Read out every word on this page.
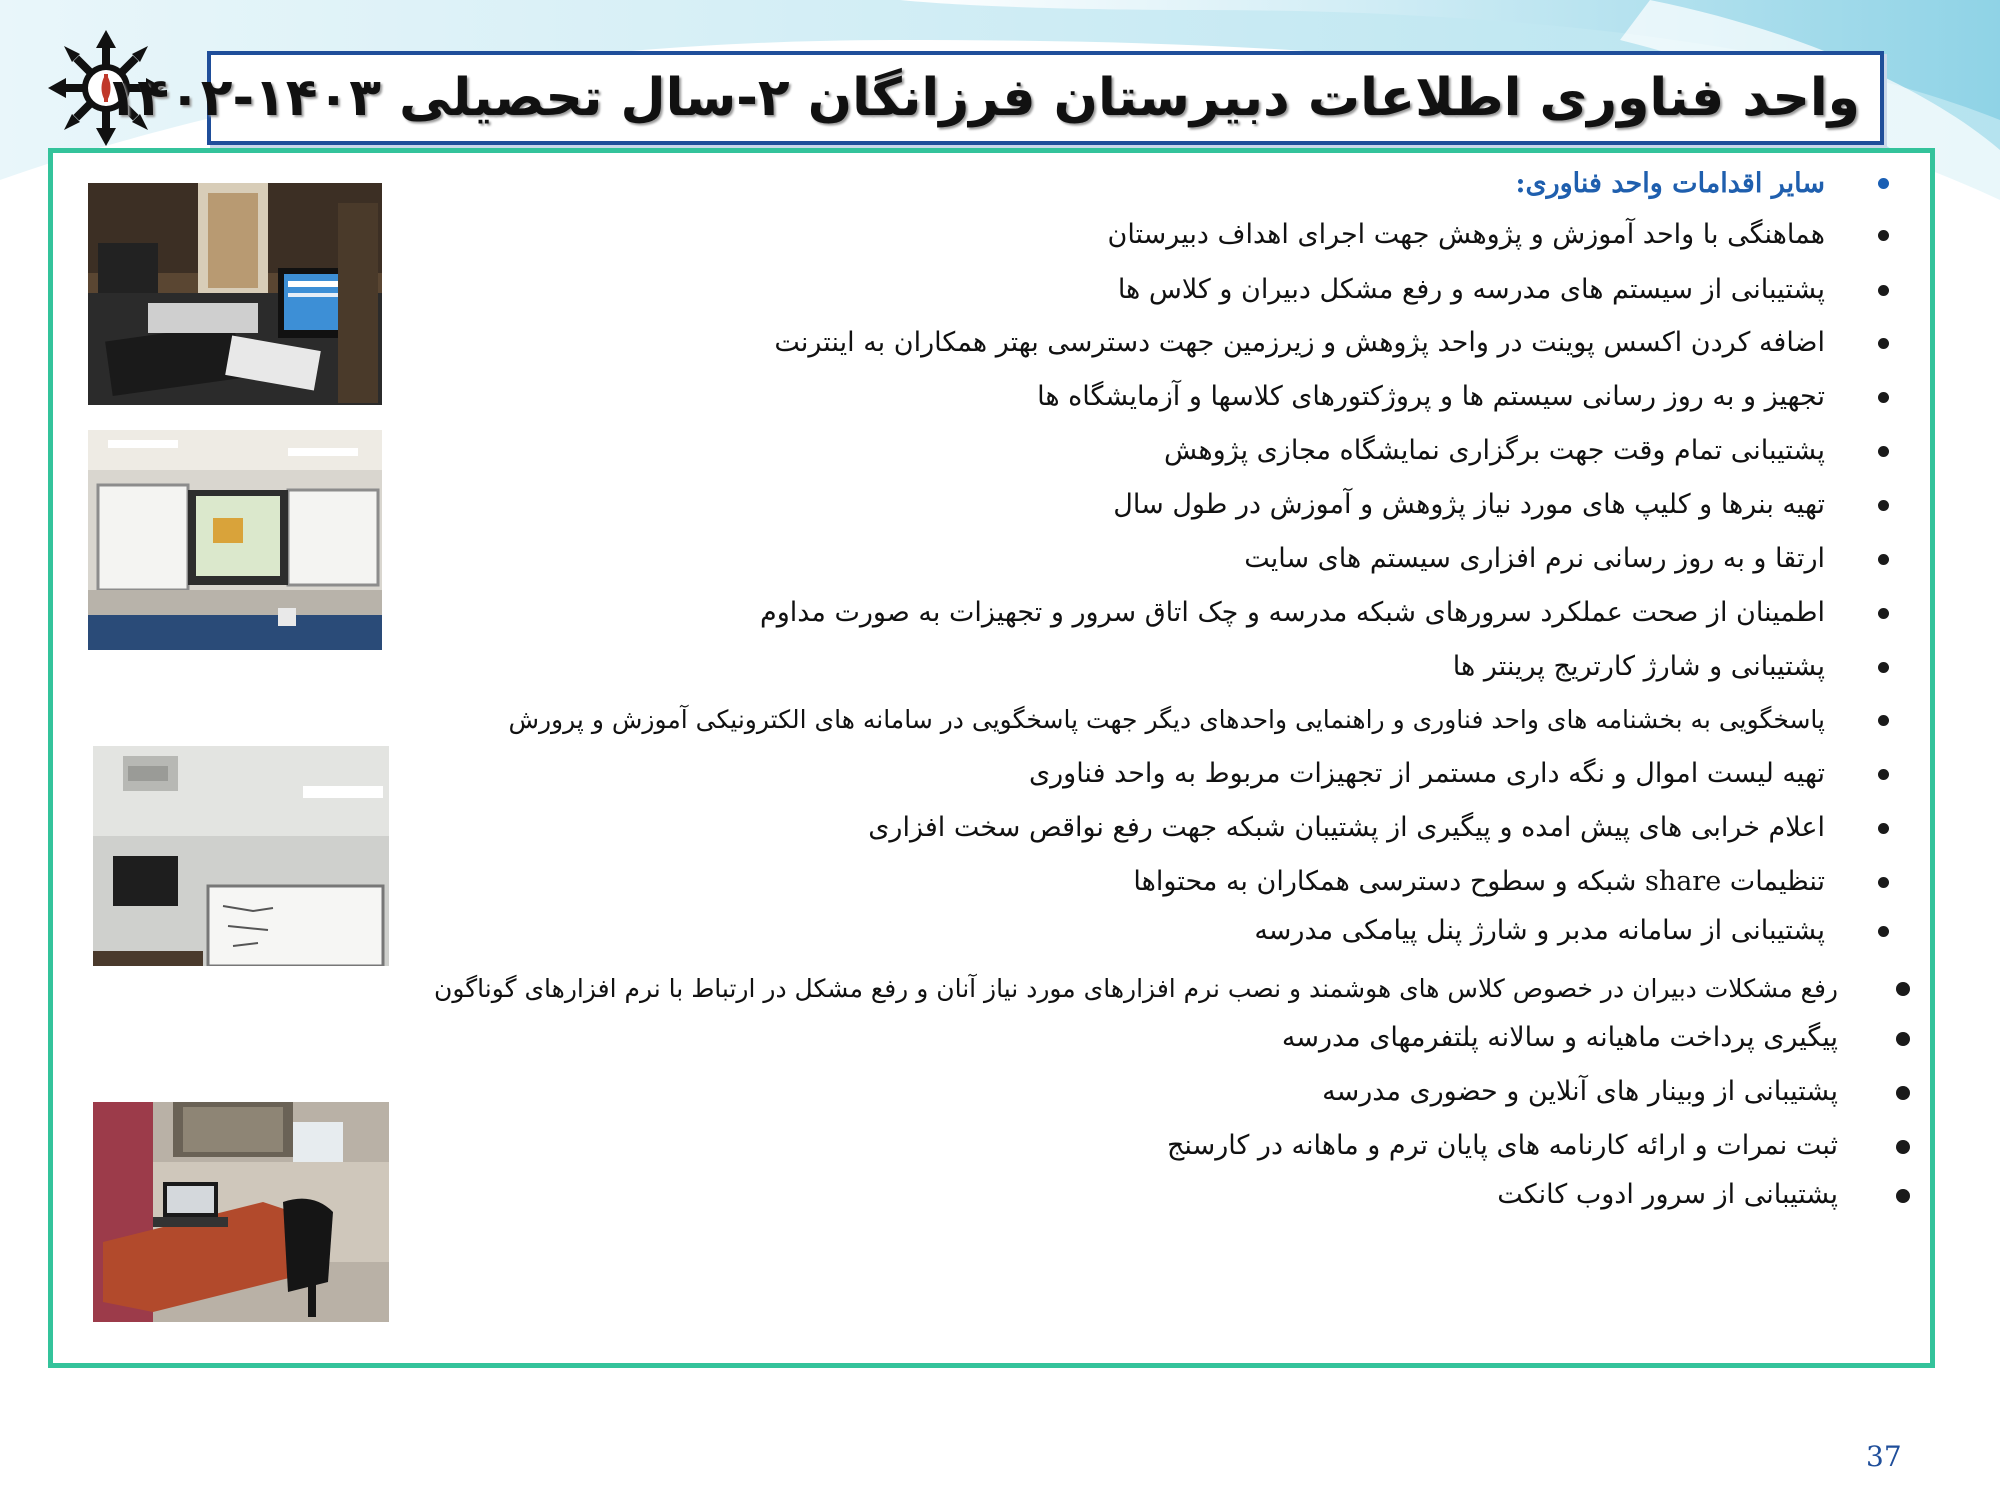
واحد فناوری اطلاعات دبیرستان فرزانگان ۲-سال تحصیلی ۱۴۰۳-۱۴۰۲
سایر اقدامات واحد فناوری:
هماهنگی با واحد آموزش و پژوهش جهت اجرای اهداف دبیرستان
پشتیبانی از سیستم های مدرسه و رفع مشکل دبیران و کلاس ها
اضافه کردن اکسس پوینت در واحد پژوهش و زیرزمین جهت دسترسی بهتر همکاران به اینترنت
تجهیز و به روز رسانی سیستم ها و پروژکتورهای کلاسها و آزمایشگاه ها
پشتیبانی تمام وقت جهت برگزاری نمایشگاه مجازی پژوهش
تهیه بنرها و کلیپ های مورد نیاز پژوهش و آموزش در طول سال
ارتقا و به روز رسانی نرم افزاری سیستم های سایت
اطمینان از صحت عملکرد سرورهای شبکه مدرسه و چک اتاق سرور و تجهیزات به صورت مداوم
پشتیبانی و شارژ کارتریج پرینتر ها
پاسخگویی به بخشنامه های واحد فناوری و راهنمایی واحدهای دیگر جهت پاسخگویی در سامانه های الکترونیکی آموزش و پرورش
تهیه لیست اموال و نگه داری مستمر از تجهیزات مربوط به واحد فناوری
اعلام خرابی های پیش امده و پیگیری از پشتیبان شبکه جهت رفع نواقص سخت افزاری
تنظیمات share شبکه و سطوح دسترسی همکاران به محتواها
پشتیبانی از سامانه مدبر و شارژ پنل پیامکی مدرسه
رفع مشکلات دبیران در خصوص کلاس های هوشمند و نصب نرم افزارهای مورد نیاز آنان و رفع مشکل در ارتباط با نرم افزارهای گوناگون
پیگیری پرداخت ماهیانه و سالانه پلتفرمهای مدرسه
پشتیبانی از وبینار های آنلاین و حضوری مدرسه
ثبت نمرات و ارائه کارنامه های پایان ترم و ماهانه در کارسنج
پشتیبانی از سرور ادوب کانکت
37
